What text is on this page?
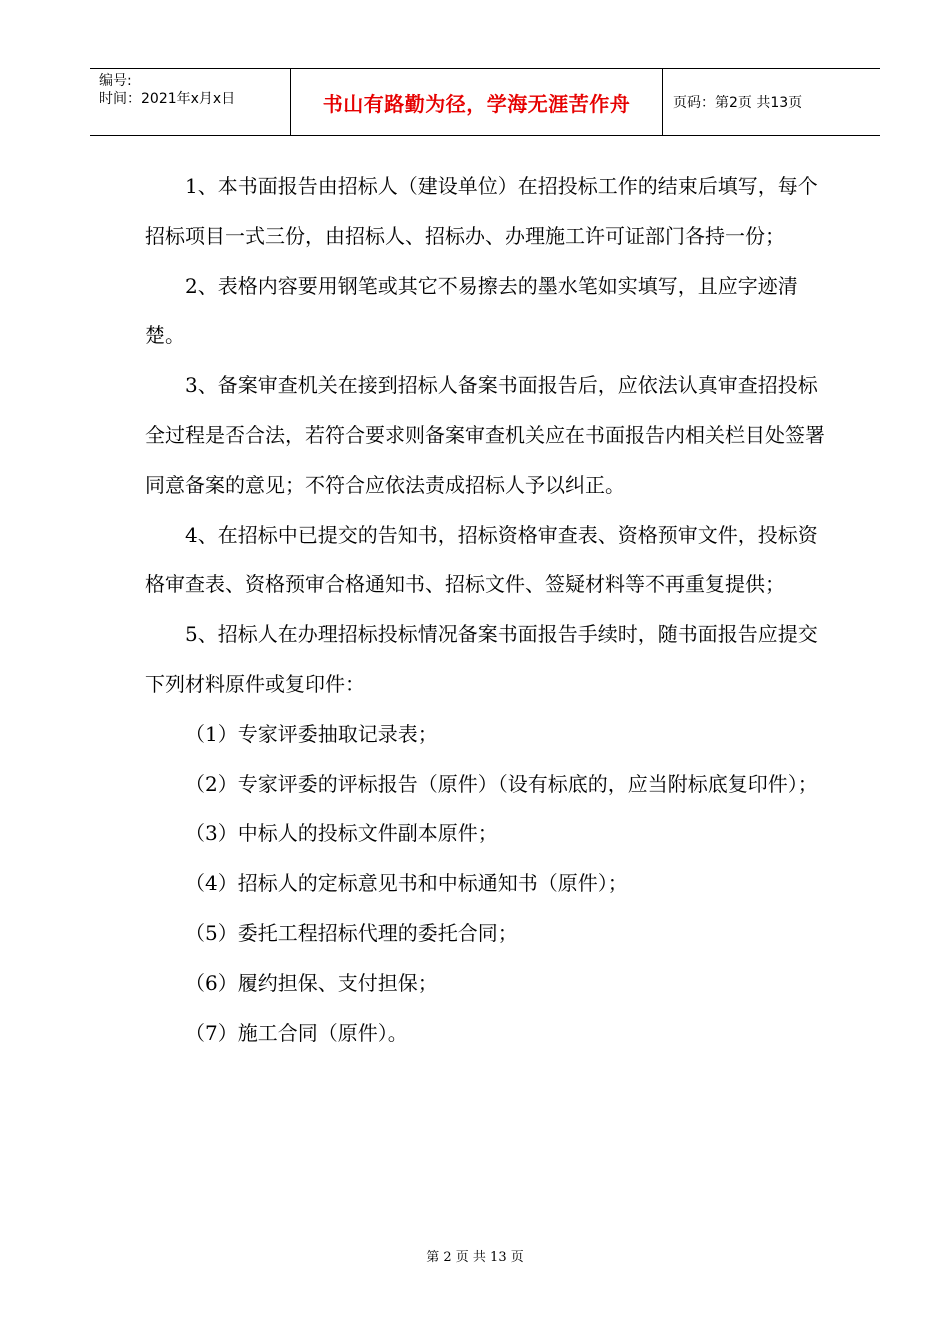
编号:
时间：2021年x月x日	书山有路勤为径，学海无涯苦作舟	页码：第2页 共13页

1、本书面报告由招标人（建设单位）在招投标工作的结束后填写，每个招标项目一式三份，由招标人、招标办、办理施工许可证部门各持一份；

2、表格内容要用钢笔或其它不易擦去的墨水笔如实填写，且应字迹清楚。

3、备案审查机关在接到招标人备案书面报告后，应依法认真审查招投标全过程是否合法，若符合要求则备案审查机关应在书面报告内相关栏目处签署同意备案的意见；不符合应依法责成招标人予以纠正。

4、在招标中已提交的告知书，招标资格审查表、资格预审文件，投标资格审查表、资格预审合格通知书、招标文件、签疑材料等不再重复提供；

5、招标人在办理招标投标情况备案书面报告手续时，随书面报告应提交下列材料原件或复印件：

（1）专家评委抽取记录表；

（2）专家评委的评标报告（原件）（设有标底的，应当附标底复印件）；

（3）中标人的投标文件副本原件；

（4）招标人的定标意见书和中标通知书（原件）；

（5）委托工程招标代理的委托合同；

（6）履约担保、支付担保；

（7）施工合同（原件）。

第 2 页 共 13 页
